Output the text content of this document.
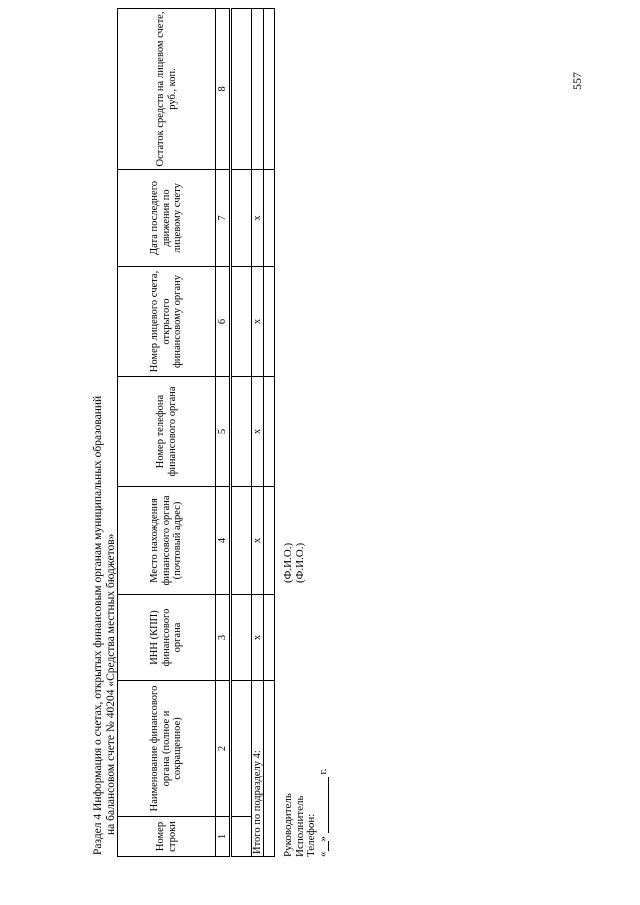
557
Раздел 4 Информация о счетах, открытых финансовым органам муниципальных образований на балансовом счете № 40204 «Средства местных бюджетов»
Номер строки	Наименование финансового органа (полное и сокращенное)	ИНН (КПП) финансового органа	Место нахождения финансового органа (почтовый адрес)	Номер телефона финансового органа	Номер лицевого счета, открытого финансовому органу	Дата последнего движения по лицевому счету	Остаток средств на лицевом счете, руб., коп.
1	2	3	4	5	6	7	8

Итого по подразделу 4:		х	х	х	х	х	

Руководитель Исполнитель Телефон: «»  г.
(Ф.И.О.) (Ф.И.О.)
